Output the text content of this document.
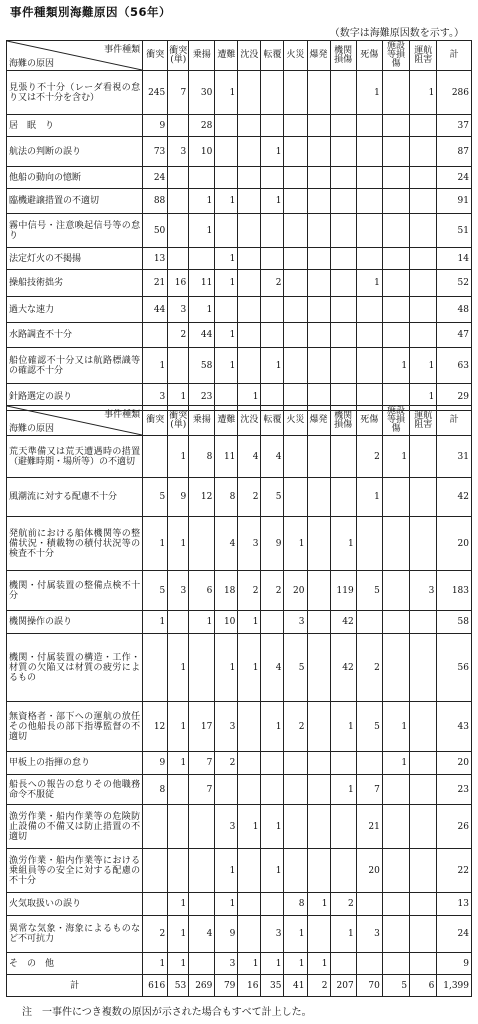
事件種類別海難原因（56年）
（数字は海難原因数を示す。）
事件種類
海難の原因	衝突	衝突(単)	乗揚	遭難	沈没	転覆	火災	爆発	機関損傷	死傷	施設等損傷	運航阻害	計
見張り不十分（レーダ看視の怠り又は不十分を含む）	245	7	30	1						1		1	286
居　眠　り	9		28										37
航法の判断の誤り	73	3	10			1							87
他船の動向の憶断	24												24
臨機避譲措置の不適切	88		1	1		1							91
霧中信号・注意喚起信号等の怠り	50		1										51
法定灯火の不掲揚	13			1									14
操船技術拙劣	21	16	11	1		2				1			52
過大な速力	44	3	1										48
水路調査不十分		2	44	1									47
船位確認不十分又は航路標識等の確認不十分	1		58	1		1					1	1	63
針路選定の誤り	3	1	23		1							1	29
事件種類
海難の原因	衝突	衝突(単)	乗揚	遭難	沈没	転覆	火災	爆発	機関損傷	死傷	施設等損傷	運航阻害	計
荒天準備又は荒天遭遇時の措置（避難時期・場所等）の不適切		1	8	11	4	4				2	1		31
風潮流に対する配慮不十分	5	9	12	8	2	5				1			42
発航前における船体機関等の整備状況・積載物の積付状況等の検査不十分	1	1		4	3	9	1		1				20
機関・付属装置の整備点検不十分	5	3	6	18	2	2	20		119	5		3	183
機関操作の誤り	1		1	10	1		3		42				58
機関・付属装置の構造・工作・材質の欠陥又は材質の疲労によるもの		1		1	1	4	5		42	2			56
無資格者・部下への運航の放任その他船長の部下指導監督の不適切	12	1	17	3		1	2		1	5	1		43
甲板上の指揮の怠り	9	1	7	2							1		20
船長への報告の怠りその他職務命令不服従	8		7						1	7			23
漁労作業・船内作業等の危険防止設備の不備又は防止措置の不適切				3	1	1				21			26
漁労作業・船内作業等における乗組員等の安全に対する配慮の不十分				1		1				20			22
火気取扱いの誤り		1		1			8	1	2				13
異常な気象・海象によるものなど不可抗力	2	1	4	9		3	1		1	3			24
そ　の　他	1	1		3	1	1	1	1					9
計	616	53	269	79	16	35	41	2	207	70	5	6	1,399
注　一事件につき複数の原因が示された場合もすべて計上した。
